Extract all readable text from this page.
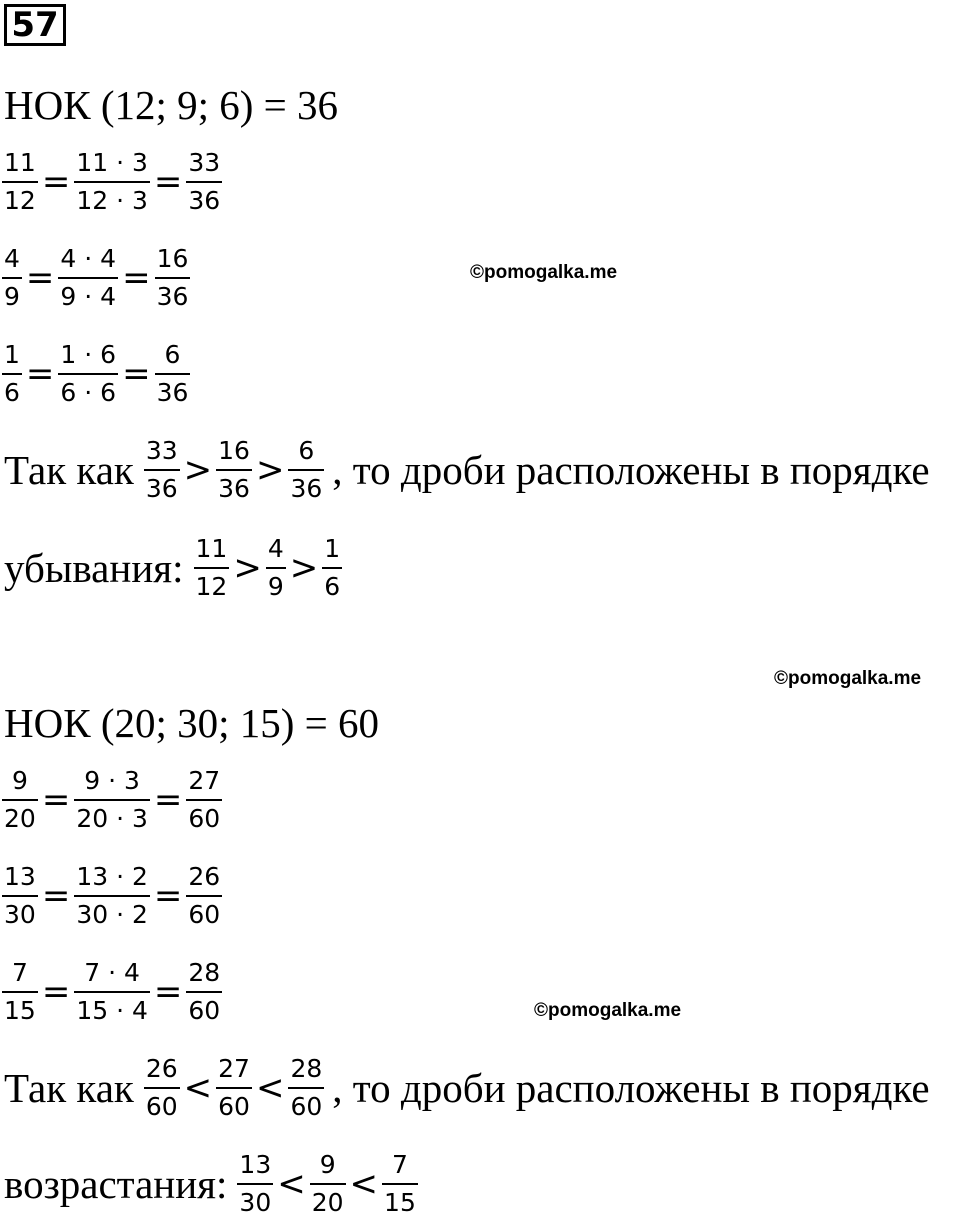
57
НОК (12; 9; 6) = 36
$\frac{11}{12} = \frac{11 \cdot 3}{12 \cdot 3} = \frac{33}{36}$
$\frac{4}{9} = \frac{4 \cdot 4}{9 \cdot 4} = \frac{16}{36}$	©pomogalka.me
$\frac{1}{6} = \frac{1 \cdot 6}{6 \cdot 6} = \frac{6}{36}$
Так как $\frac{33}{36} > \frac{16}{36} > \frac{6}{36}$ , то дроби расположены в порядке
убывания: $\frac{11}{12} > \frac{4}{9} > \frac{1}{6}$
©pomogalka.me
НОК (20; 30; 15) = 60
$\frac{9}{20} = \frac{9 \cdot 3}{20 \cdot 3} = \frac{27}{60}$
$\frac{13}{30} = \frac{13 \cdot 2}{30 \cdot 2} = \frac{26}{60}$
$\frac{7}{15} = \frac{7 \cdot 4}{15 \cdot 4} = \frac{28}{60}$	©pomogalka.me
Так как $\frac{26}{60} < \frac{27}{60} < \frac{28}{60}$ , то дроби расположены в порядке
возрастания: $\frac{13}{30} < \frac{9}{20} < \frac{7}{15}$
